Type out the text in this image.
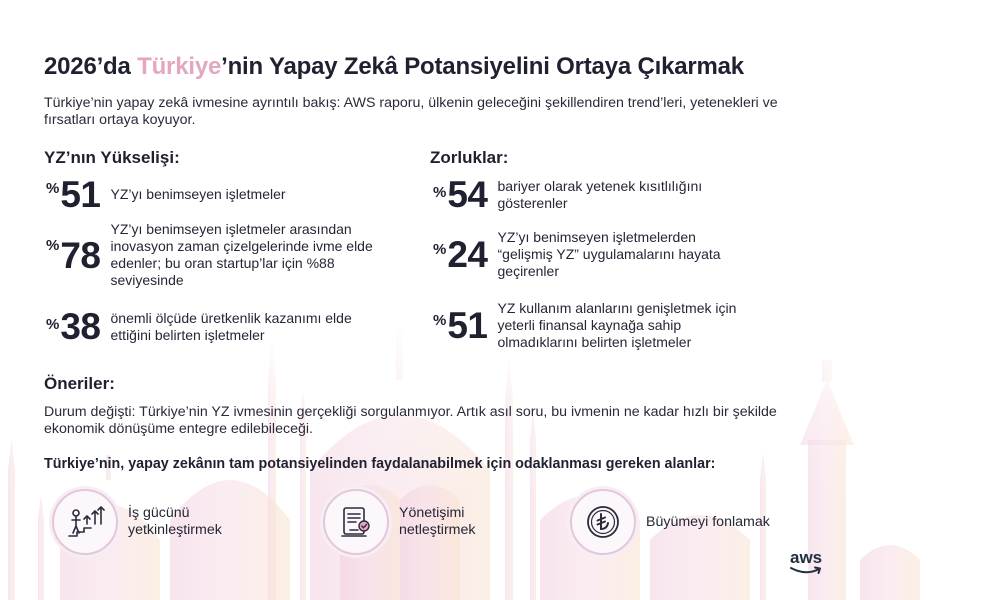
2026’da Türkiye’nin Yapay Zekâ Potansiyelini Ortaya Çıkarmak
Türkiye’nin yapay zekâ ivmesine ayrıntılı bakış: AWS raporu, ülkenin geleceğini şekillendiren trend’leri, yetenekleri ve fırsatları ortaya koyuyor.
YZ’nın Yükselişi:	Zorluklar:
% 51 YZ’yı benimseyen işletmeler
% 78
YZ’yı benimseyen işletmeler arasından inovasyon zaman çizelgelerinde ivme elde edenler; bu oran startup’lar için %88 seviyesinde
% 38 önemli ölçüde üretkenlik kazanımı elde ettiğini belirten işletmeler
% 54 bariyer olarak yetenek kısıtlılığını gösterenler
% 24 YZ’yı benimseyen işletmelerden “gelişmiş YZ” uygulamalarını hayata geçirenler
% 51 YZ kullanım alanlarını genişletmek için yeterli finansal kaynağa sahip olmadıklarını belirten işletmeler
Öneriler:
Durum değişti: Türkiye’nin YZ ivmesinin gerçekliği sorgulanmıyor. Artık asıl soru, bu ivmenin ne kadar hızlı bir şekilde ekonomik dönüşüme entegre edilebileceği.
Türkiye’nin, yapay zekânın tam potansiyelinden faydalanabilmek için odaklanması gereken alanlar:
İş gücünü
yetkinleştirmek
Yönetişimi
netleştirmek
Büyümeyi fonlamak
aws
